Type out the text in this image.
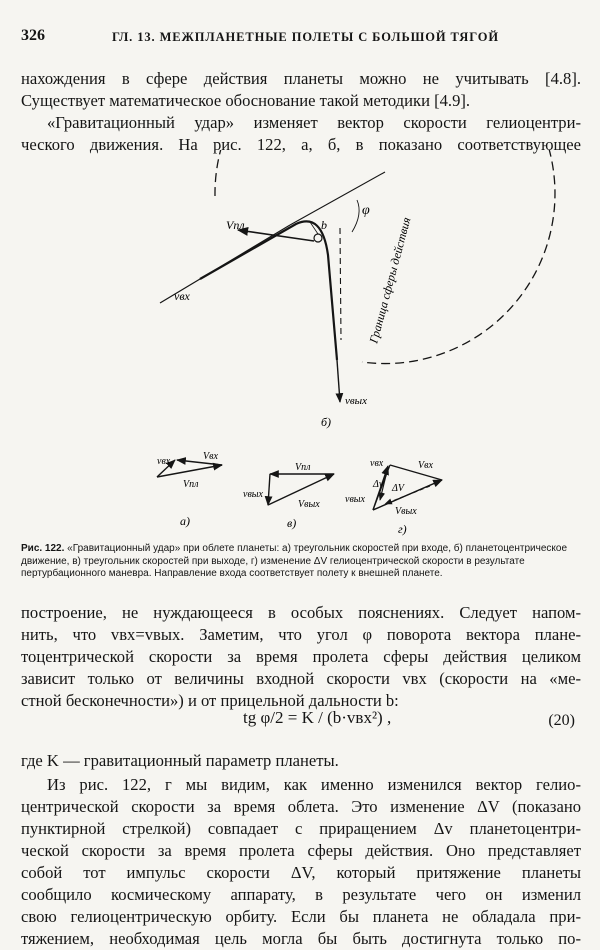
326	ГЛ. 13. МЕЖПЛАНЕТНЫЕ ПОЛЕТЫ С БОЛЬШОЙ ТЯГОЙ
нахождения в сфере действия планеты можно не учитывать [4.8].
Существует математическое обоснование такой методики [4.9].
«Гравитационный удар» изменяет вектор скорости гелиоцентри-
ческого движения. На рис. 122, а, б, в показано соответствующее
Vпл	b
φ
Граница сферы действия
vвх
vвых
б)
vвх	Vвх
Vпл
а)
Vпл
vвых
Vвых
в)
vвх	Vвх
Δv ΔV
vвых
Vвых
г)
Рис. 122. «Гравитационный удар» при облете планеты: а) треугольник скоростей при входе, б) планетоцентрическое движение, в) треугольник скоростей при выходе, г) изменение ΔV гелиоцентрической скорости в результате пертурбационного маневра. Направление входа соответствует полету к внешней планете.
построение, не нуждающееся в особых пояснениях. Следует напом-
нить, что vвх=vвых. Заметим, что угол φ поворота вектора плане-
тоцентрической скорости за время пролета сферы действия целиком
зависит только от величины входной скорости vвх (скорости на «ме-
стной бесконечности») и от прицельной дальности b:
tg φ/2 = K / (b·vвх²) ,	(20)
где K — гравитационный параметр планеты.
Из рис. 122, г мы видим, как именно изменился вектор гелио-
центрической скорости за время облета. Это изменение ΔV (показано
пунктирной стрелкой) совпадает с приращением Δv планетоцентри-
ческой скорости за время пролета сферы действия. Оно представляет
собой тот импульс скорости ΔV, который притяжение планеты
сообщило космическому аппарату, в результате чего он изменил
свою гелиоцентрическую орбиту. Если бы планета не обладала при-
тяжением, необходимая цель могла бы быть достигнута только по-
